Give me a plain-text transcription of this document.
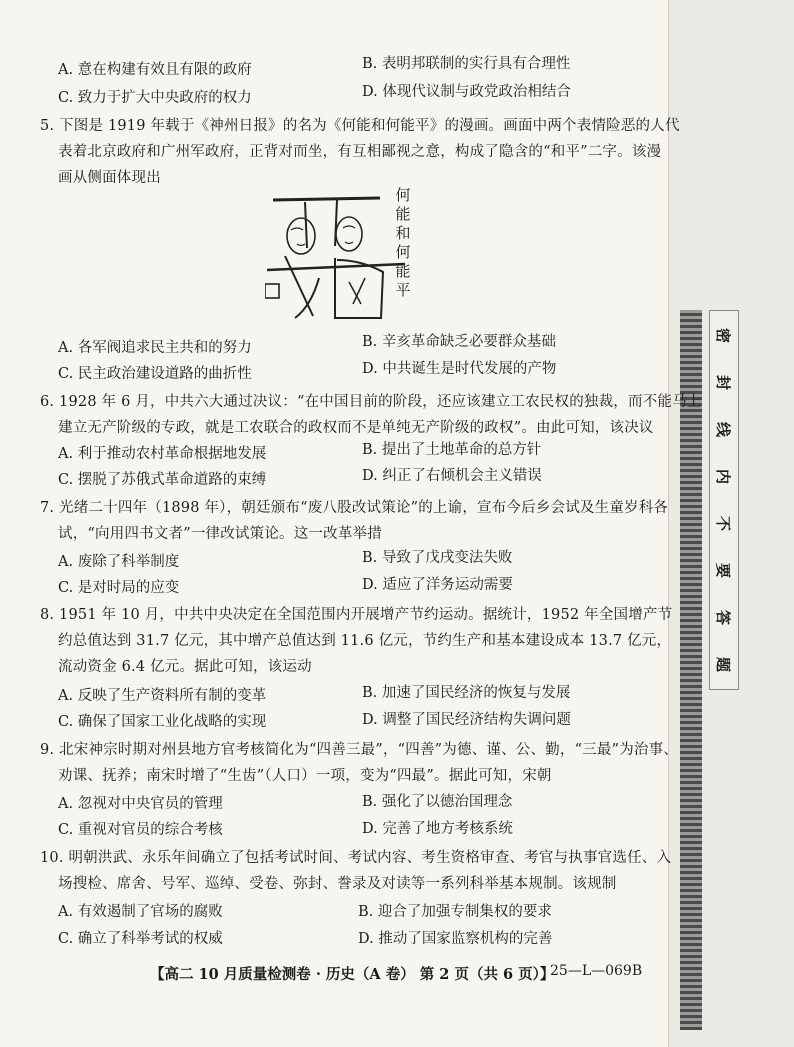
密
封
线
内
不
要
答
题
A. 意在构建有效且有限的政府	B. 表明邦联制的实行具有合理性
C. 致力于扩大中央政府的权力	D. 体现代议制与政党政治相结合
5. 下图是 1919 年载于《神州日报》的名为《何能和何能平》的漫画。画面中两个表情险恶的人代
表着北京政府和广州军政府，正背对而坐，有互相鄙视之意，构成了隐含的“和平”二字。该漫
画从侧面体现出
何
能
和
何
能
平
A. 各军阀追求民主共和的努力	B. 辛亥革命缺乏必要群众基础
C. 民主政治建设道路的曲折性	D. 中共诞生是时代发展的产物
6. 1928 年 6 月，中共六大通过决议：“在中国目前的阶段，还应该建立工农民权的独裁，而不能马上
建立无产阶级的专政，就是工农联合的政权而不是单纯无产阶级的政权”。由此可知，该决议
A. 利于推动农村革命根据地发展	B. 提出了土地革命的总方针
C. 摆脱了苏俄式革命道路的束缚	D. 纠正了右倾机会主义错误
7. 光绪二十四年（1898 年），朝廷颁布“废八股改试策论”的上谕，宣布今后乡会试及生童岁科各
试，“向用四书文者”一律改试策论。这一改革举措
A. 废除了科举制度	B. 导致了戊戌变法失败
C. 是对时局的应变	D. 适应了洋务运动需要
8. 1951 年 10 月，中共中央决定在全国范围内开展增产节约运动。据统计，1952 年全国增产节
约总值达到 31.7 亿元，其中增产总值达到 11.6 亿元，节约生产和基本建设成本 13.7 亿元，
流动资金 6.4 亿元。据此可知，该运动
A. 反映了生产资料所有制的变革	B. 加速了国民经济的恢复与发展
C. 确保了国家工业化战略的实现	D. 调整了国民经济结构失调问题
9. 北宋神宗时期对州县地方官考核简化为“四善三最”，“四善”为德、谨、公、勤，“三最”为治事、
劝课、抚养；南宋时增了“生齿”（人口）一项，变为“四最”。据此可知，宋朝
A. 忽视对中央官员的管理	B. 强化了以德治国理念
C. 重视对官员的综合考核	D. 完善了地方考核系统
10. 明朝洪武、永乐年间确立了包括考试时间、考试内容、考生资格审查、考官与执事官选任、入
场搜检、席舍、号军、巡绰、受卷、弥封、誊录及对读等一系列科举基本规制。该规制
A. 有效遏制了官场的腐败	B. 迎合了加强专制集权的要求
C. 确立了科举考试的权威	D. 推动了国家监察机构的完善
【高二 10 月质量检测卷 · 历史（A 卷） 第 2 页（共 6 页）】
25—L—069B
